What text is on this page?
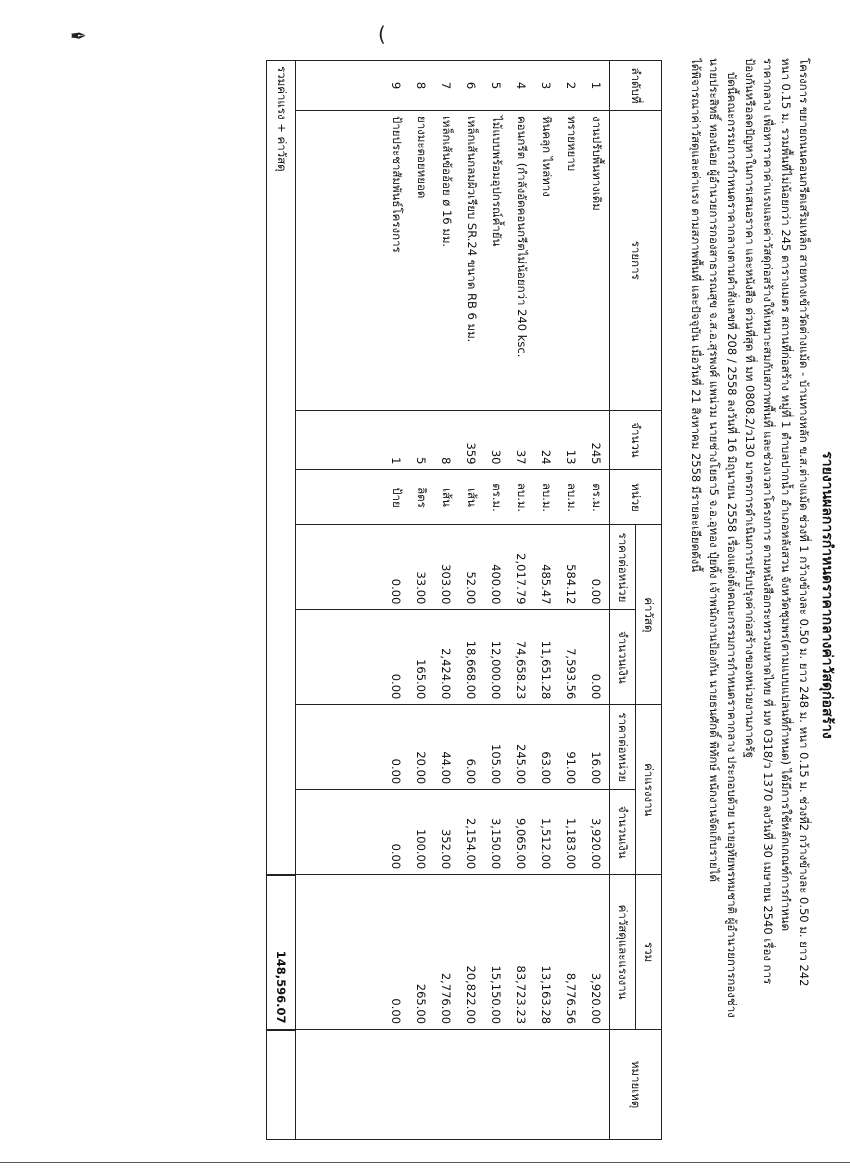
✒	(
รายงานผลการกำหนดราคากลางค่าวัสดุก่อสร้าง
โครงการ ขยายถนนคอนกรีตเสริมเหล็ก สายทางเข้าวัดต่างแม้ด - บ้านทางหลัก ข.ส.ต่างแม้ด ช่วงที่ 1 กว้างข้างละ 0.50 ม. ยาว 248 ม. หนา 0.15 ม. ช่วงที่2 กว้างข้างละ 0.50 ม. ยาว 242
หนา 0.15 ม. รวมพื้นที่ไม่น้อยกว่า 245 ตารางเมตร สถานที่ก่อสร้าง หมู่ที่ 1 ตำบลปากน้ำ อำเภอหลังสวน จังหวัดชุมพร(ตามแบบแปลนที่กำหนด) ได้มีการใช้หลักเกณฑ์การกำหนด
ราคากลาง เพื่อหาราคาค่าแรงและค่าวัสดุก่อสร้างให้เหมาะสมกับสภาพพื้นที่ และช่วงเวลาโครงการ ตามหนังสือกระทรวงมหาดไทย ที่ มท 0318/ว 1370 ลงวันที่ 30 เมษายน 2540 เรื่อง การ
ป้องกันหรือลดปัญหาในการเสนอราคา และหนังสือ ด่วนที่สุด ที่ มท 0808.2/ว130 มาตรการดำเนินการปรับปรุงค่าก่อสร้างของหน่วยงานภาครัฐ
บัดนี้คณะกรรมการกำหนดราคากลางตามคำสั่งเลขที่ 208 / 2558 ลงวันที่ 16 มิถุนายน 2558 เรื่องแต่งตั้งคณะกรรมการกำหนดราคากลาง ประกอบด้วย นายอุทัยพรหมชาติ ผู้อำนวยการกองช่าง
นายประสิทธิ์ ทองน้อย ผู้อำนวยการกองสาธารณสุข จ.ส.อ.สุรพงศ์ แพน่วม นายช่างโยธา5 จ.อ.อุทอง ปุ๋ยทิ้ง เจ้าพนักงานป้องกัน นายธนศักดิ์ พิทักษ์ พนักงานจัดเก็บรายได้
ได้พิจารณาค่าวัสดุและค่าแรง ตามสภาพพื้นที่ และปัจจุบัน เมื่อวันที่ 21 สิงหาคม 2558 มีรายละเอียดดังนี้
ลำดับที่	รายการ	จำนวน	หน่วย	ค่าวัสดุ		ค่าแรงงาน		รวม	หมายเหตุ
				ราคาต่อหน่วย	จำนวนเงิน	ราคาต่อหน่วย	จำนวนเงิน	ค่าวัสดุและแรงงาน	
1	งานปรับพื้นทางเดิม	245	ตร.ม.	0.00	0.00	16.00	3,920.00	3,920.00	
2	ทรายหยาบ	13	ลบ.ม.	584.12	7,593.56	91.00	1,183.00	8,776.56	
3	หินคลุก ไหล่ทาง	24	ลบ.ม.	485.47	11,651.28	63.00	1,512.00	13,163.28	
4	คอนกรีต (กำลังอัดคอนกรีตไม่น้อยกว่า 240 ksc.	37	ลบ.ม.	2,017.79	74,658.23	245.00	9,065.00	83,723.23	
5	ไม้แบบพร้อมอุปกรณ์ค้ำยัน	30	ตร.ม.	400.00	12,000.00	105.00	3,150.00	15,150.00	
6	เหล็กเส้นกลมผิวเรียบ SR.24 ขนาด RB 6 มม.	359	เส้น	52.00	18,668.00	6.00	2,154.00	20,822.00	
7	เหล็กเส้นข้ออ้อย ø 16 มม.	8	เส้น	303.00	2,424.00	44.00	352.00	2,776.00	
8	ยางมะตอยหยอด	5	ลิตร	33.00	165.00	20.00	100.00	265.00	
9	ป้ายประชาสัมพันธ์โครงการ	1	ป้าย	0.00	0.00	0.00	0.00	0.00	

รวมค่าแรง + ค่าวัสดุ								148,596.07	
